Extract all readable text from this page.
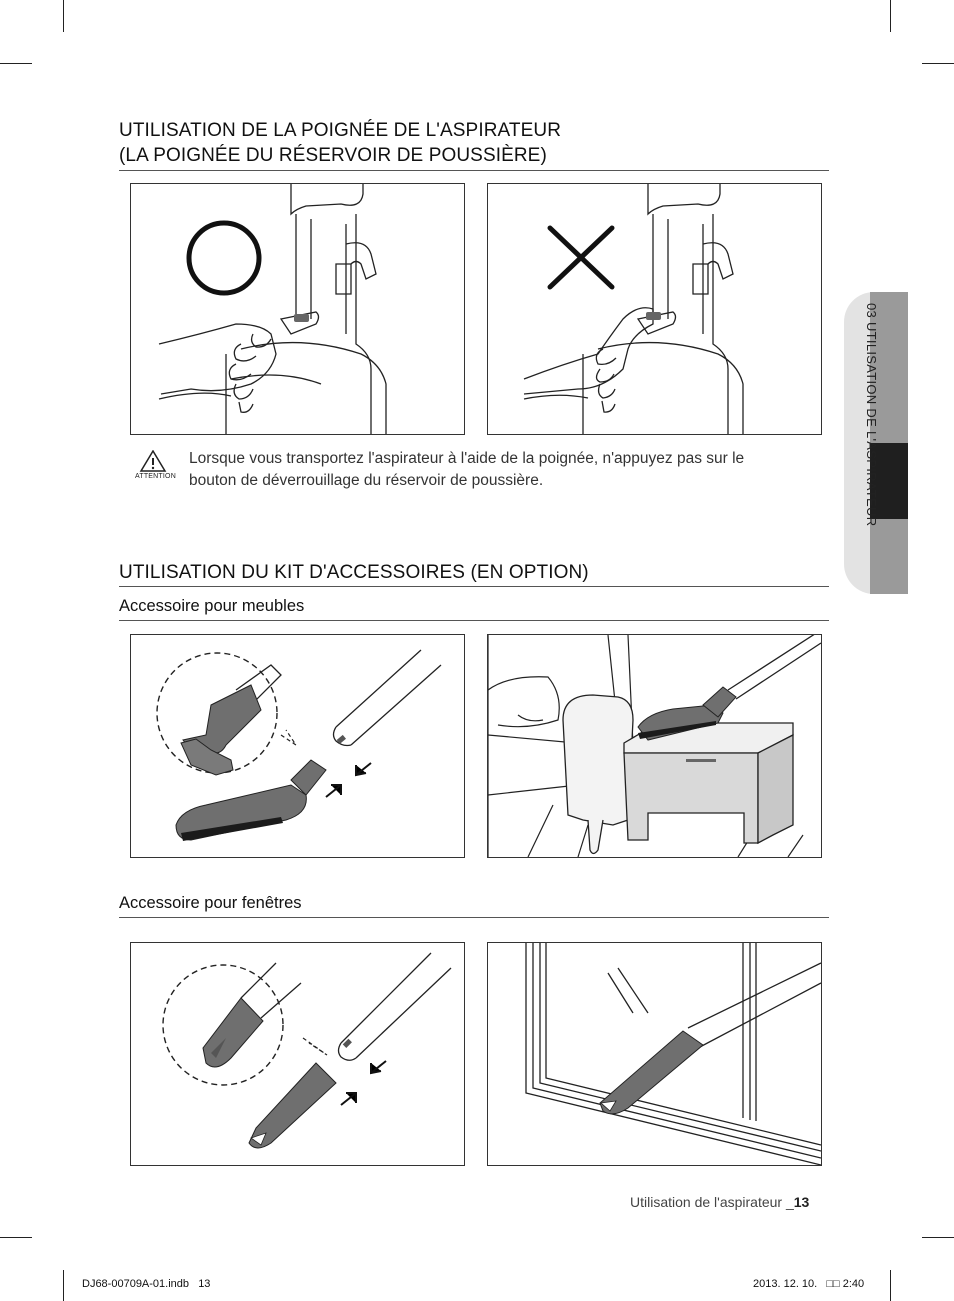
03 UTILISATION DE L'ASPIRATEUR
UTILISATION DE LA POIGNÉE DE L'ASPIRATEUR
(LA POIGNÉE DU RÉSERVOIR DE POUSSIÈRE)
ATTENTION
Lorsque vous transportez l'aspirateur à l'aide de la poignée, n'appuyez pas sur le
bouton de déverrouillage du réservoir de poussière.
UTILISATION DU KIT D'ACCESSOIRES (EN OPTION)
Accessoire pour meubles
Accessoire pour fenêtres
Utilisation de l'aspirateur _13
DJ68-00709A-01.indb   13	2013. 12. 10.   □□ 2:40
